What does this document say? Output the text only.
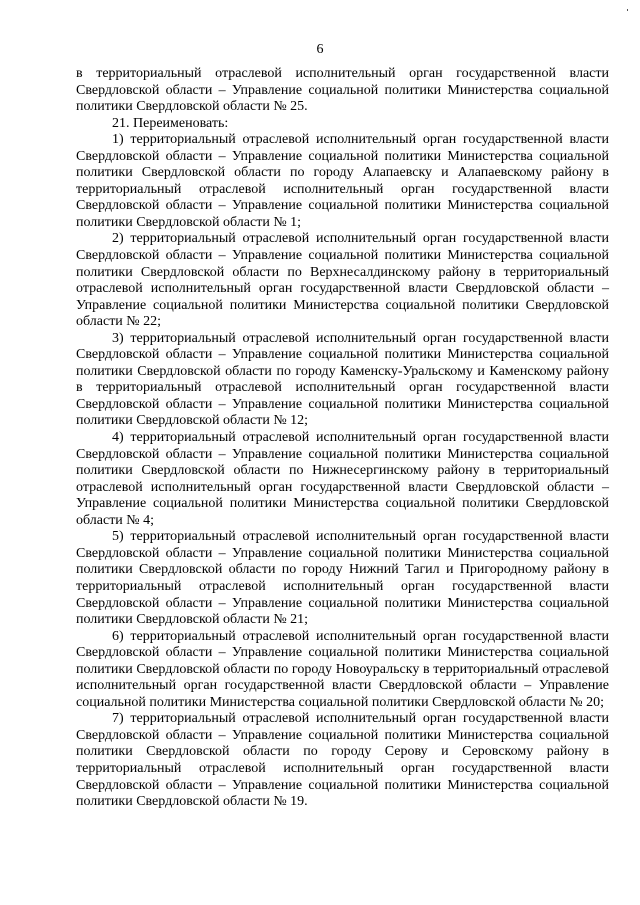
6

в территориальный отраслевой исполнительный орган государственной власти Свердловской области – Управление социальной политики Министерства социальной политики Свердловской области № 25.

21. Переименовать:

1) территориальный отраслевой исполнительный орган государственной власти Свердловской области – Управление социальной политики Министерства социальной политики Свердловской области по городу Алапаевску и Алапаевскому району в территориальный отраслевой исполнительный орган государственной власти Свердловской области – Управление социальной политики Министерства социальной политики Свердловской области № 1;

2) территориальный отраслевой исполнительный орган государственной власти Свердловской области – Управление социальной политики Министерства социальной политики Свердловской области по Верхнесалдинскому району в территориальный отраслевой исполнительный орган государственной власти Свердловской области – Управление социальной политики Министерства социальной политики Свердловской области № 22;

3) территориальный отраслевой исполнительный орган государственной власти Свердловской области – Управление социальной политики Министерства социальной политики Свердловской области по городу Каменску-Уральскому и Каменскому району в территориальный отраслевой исполнительный орган государственной власти Свердловской области – Управление социальной политики Министерства социальной политики Свердловской области № 12;

4) территориальный отраслевой исполнительный орган государственной власти Свердловской области – Управление социальной политики Министерства социальной политики Свердловской области по Нижнесергинскому району в территориальный отраслевой исполнительный орган государственной власти Свердловской области – Управление социальной политики Министерства социальной политики Свердловской области № 4;

5) территориальный отраслевой исполнительный орган государственной власти Свердловской области – Управление социальной политики Министерства социальной политики Свердловской области по городу Нижний Тагил и Пригородному району в территориальный отраслевой исполнительный орган государственной власти Свердловской области – Управление социальной политики Министерства социальной политики Свердловской области № 21;

6) территориальный отраслевой исполнительный орган государственной власти Свердловской области – Управление социальной политики Министерства социальной политики Свердловской области по городу Новоуральску в территориальный отраслевой исполнительный орган государственной власти Свердловской области – Управление социальной политики Министерства социальной политики Свердловской области № 20;

7) территориальный отраслевой исполнительный орган государственной власти Свердловской области – Управление социальной политики Министерства социальной политики Свердловской области по городу Серову и Серовскому району в территориальный отраслевой исполнительный орган государственной власти Свердловской области – Управление социальной политики Министерства социальной политики Свердловской области № 19.
